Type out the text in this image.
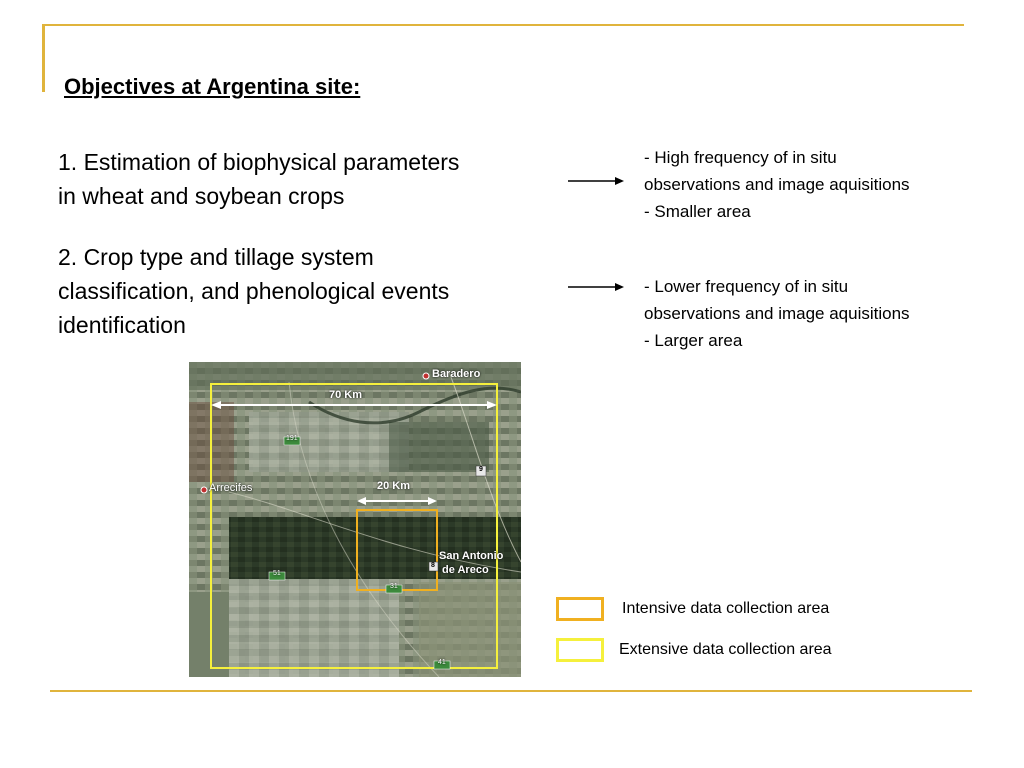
Objectives at Argentina site:
1. Estimation of biophysical parameters
in wheat and soybean crops
2. Crop type and tillage system
classification, and phenological events
identification
- High frequency of in situ
observations and image aquisitions
- Smaller area
- Lower frequency of in situ
observations and image aquisitions
- Larger area
Baradero
Arrecifes
San Antonio
de Areco
70 Km
20 Km
191
9
8
51
31
41
Intensive data collection area
Extensive data collection area
